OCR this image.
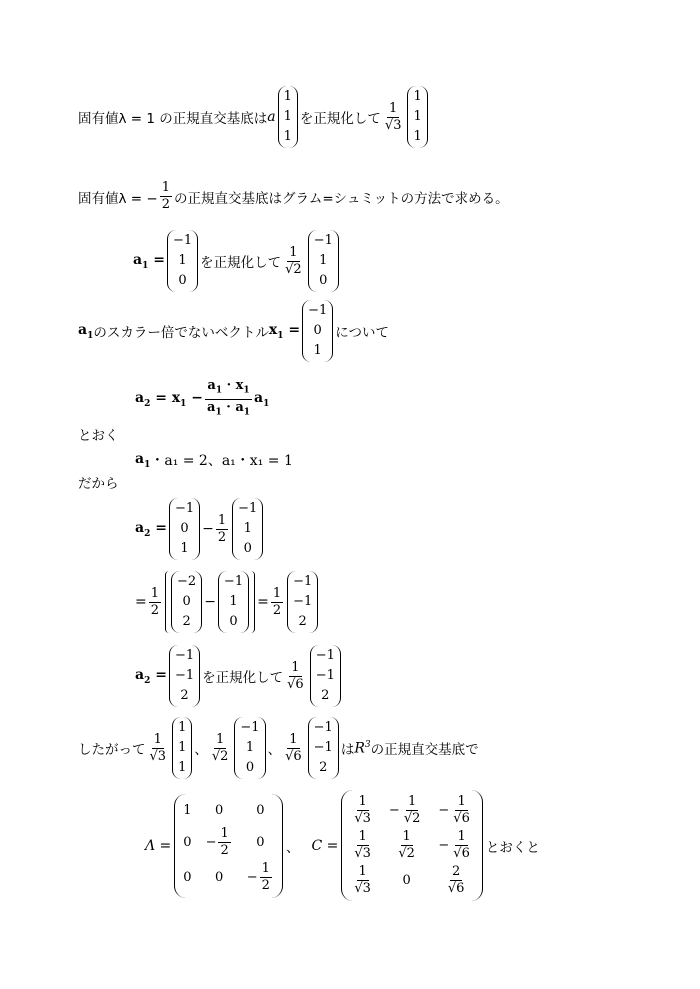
固有値λ = 1 の正規直交基底は a
1
1
1
を正規化して $\frac{1}{√3}$
1
1
1
固有値λ = − $\frac{1}{2}$ の正規直交基底はグラム=シュミットの方法で求める。
$a_1$ =
−1
1
0
を正規化して $\frac{1}{√2}$
−1
1
0
$a_1$ のスカラー倍でないベクトル $x_1$ =
−1
0
1
について
$a_2 = x_1 - \frac{a_1 \cdot x_1}{a_1 \cdot a_1} a_1$
とおく
$a_1$ ・a₁ = 2、a₁・x₁ = 1
だから
$a_2$ =
−1
0
1
− $\frac{1}{2}$
−1
1
0
= $\frac{1}{2}$
−2
0
2
−
−1
1
0
= $\frac{1}{2}$
−1
−1
2
$a_2$ =
−1
−1
2
を正規化して $\frac{1}{√6}$
−1
−1
2
したがって $\frac{1}{√3}$
1
1
1
、 $\frac{1}{√2}$
−1
1
0
、 $\frac{1}{√6}$
−1
−1
2
は $R^3$ の正規直交基底で
Λ =
1 0	0
$0 - \frac{1}{2} 0$
0 $0 - \frac{1}{2}$
、 C =
$\frac{1}{√3} - \frac{1}{√2} - \frac{1}{√6}$
$\frac{1}{√3} \frac{1}{√2} - \frac{1}{√6}$
$\frac{1}{√3} 0$	$\frac{2}{√6}$
とおくと
